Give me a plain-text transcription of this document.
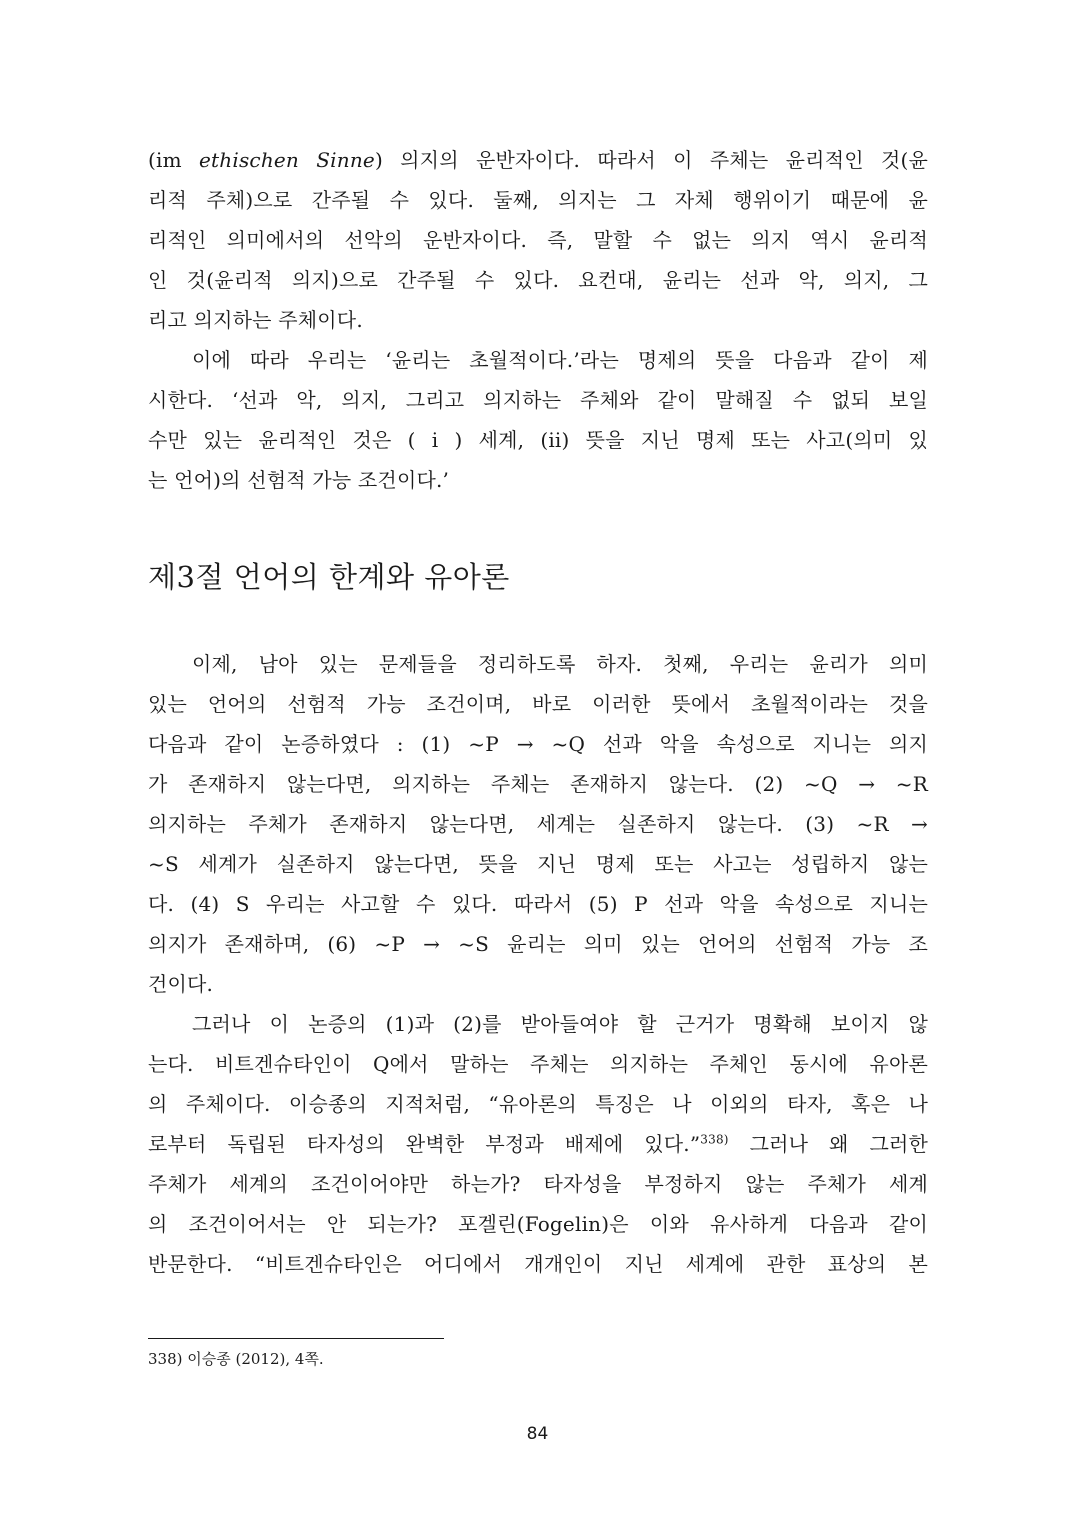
(im ethischen Sinne) 의지의 운반자이다. 따라서 이 주체는 윤리적인 것(윤
리적 주체)으로 간주될 수 있다. 둘째, 의지는 그 자체 행위이기 때문에 윤
리적인 의미에서의 선악의 운반자이다. 즉, 말할 수 없는 의지 역시 윤리적
인 것(윤리적 의지)으로 간주될 수 있다. 요컨대, 윤리는 선과 악, 의지, 그
리고 의지하는 주체이다.
이에 따라 우리는 ‘윤리는 초월적이다.’라는 명제의 뜻을 다음과 같이 제
시한다. ‘선과 악, 의지, 그리고 의지하는 주체와 같이 말해질 수 없되 보일
수만 있는 윤리적인 것은 ( i ) 세계, (ii) 뜻을 지닌 명제 또는 사고(의미 있
는 언어)의 선험적 가능 조건이다.’
제3절 언어의 한계와 유아론
이제, 남아 있는 문제들을 정리하도록 하자. 첫째, 우리는 윤리가 의미
있는 언어의 선험적 가능 조건이며, 바로 이러한 뜻에서 초월적이라는 것을
다음과 같이 논증하였다 : (1) ~P → ~Q 선과 악을 속성으로 지니는 의지
가 존재하지 않는다면, 의지하는 주체는 존재하지 않는다. (2) ~Q → ~R
의지하는 주체가 존재하지 않는다면, 세계는 실존하지 않는다. (3) ~R →
~S 세계가 실존하지 않는다면, 뜻을 지닌 명제 또는 사고는 성립하지 않는
다. (4) S 우리는 사고할 수 있다. 따라서 (5) P 선과 악을 속성으로 지니는
의지가 존재하며, (6) ~P → ~S 윤리는 의미 있는 언어의 선험적 가능 조
건이다.
그러나 이 논증의 (1)과 (2)를 받아들여야 할 근거가 명확해 보이지 않
는다. 비트겐슈타인이 Q에서 말하는 주체는 의지하는 주체인 동시에 유아론
의 주체이다. 이승종의 지적처럼, “유아론의 특징은 나 이외의 타자, 혹은 나
로부터 독립된 타자성의 완벽한 부정과 배제에 있다.”$^{338)}$ 그러나 왜 그러한
주체가 세계의 조건이어야만 하는가? 타자성을 부정하지 않는 주체가 세계
의 조건이어서는 안 되는가? 포겔린(Fogelin)은 이와 유사하게 다음과 같이
반문한다. “비트겐슈타인은 어디에서 개개인이 지닌 세계에 관한 표상의 본
338) 이승종 (2012), 4쪽.
84
